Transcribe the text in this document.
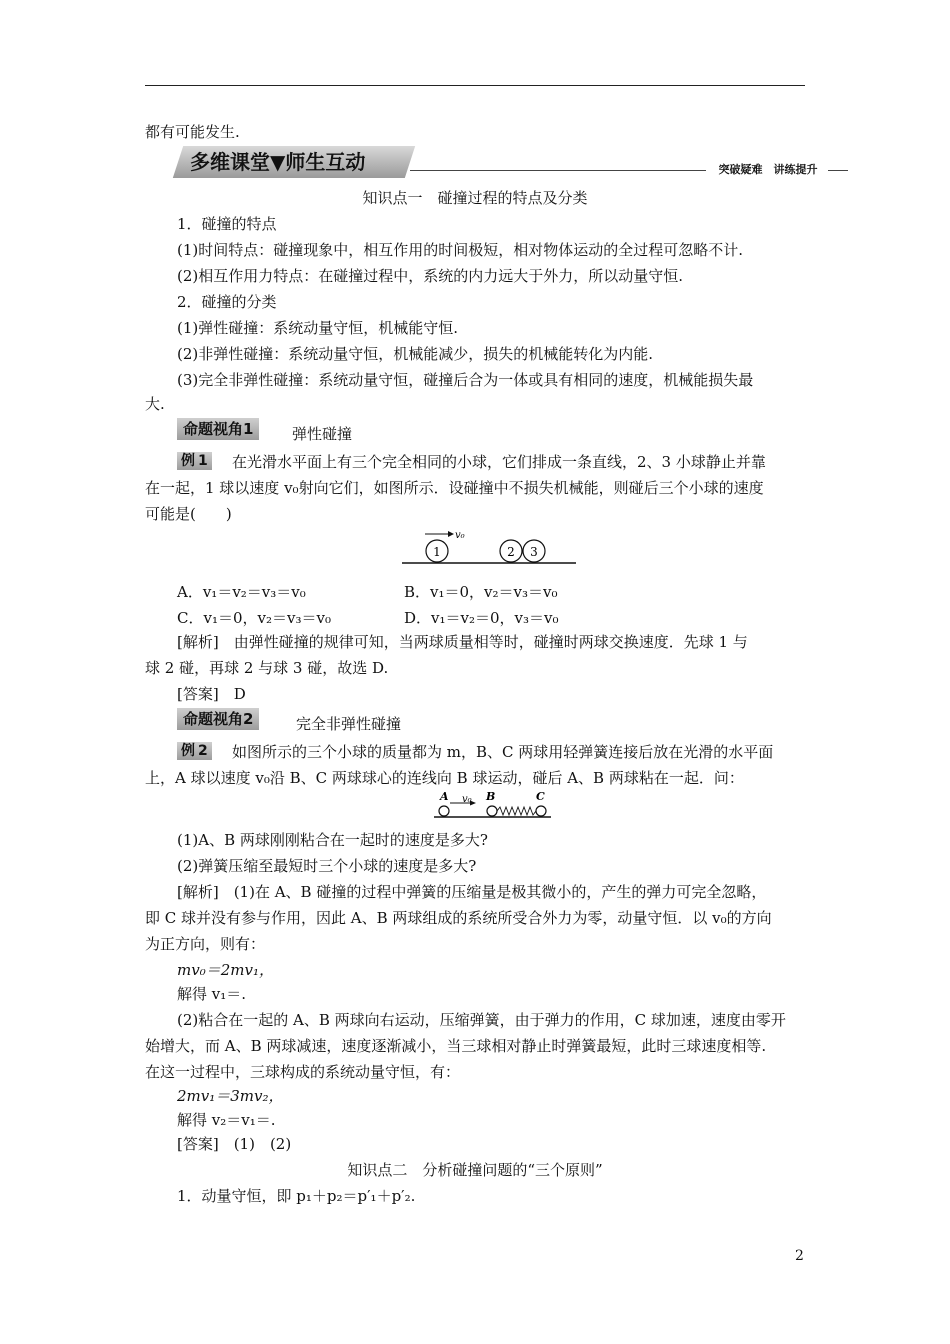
都有可能发生.
多维课堂▼师生互动	突破疑难　讲练提升
知识点一　碰撞过程的特点及分类
1．碰撞的特点
(1)时间特点：碰撞现象中，相互作用的时间极短，相对物体运动的全过程可忽略不计.
(2)相互作用力特点：在碰撞过程中，系统的内力远大于外力，所以动量守恒.
2．碰撞的分类
(1)弹性碰撞：系统动量守恒，机械能守恒.
(2)非弹性碰撞：系统动量守恒，机械能减少，损失的机械能转化为内能.
(3)完全非弹性碰撞：系统动量守恒，碰撞后合为一体或具有相同的速度，机械能损失最
大.
命题视角1	弹性碰撞
例 1 在光滑水平面上有三个完全相同的小球，它们排成一条直线，2、3 小球静止并靠
在一起，1 球以速度 v₀射向它们，如图所示．设碰撞中不损失机械能，则碰后三个小球的速度
可能是(　　)
v₀
1	2 3
A．v₁＝v₂＝v₃＝v₀	B．v₁＝0，v₂＝v₃＝v₀
C．v₁＝0，v₂＝v₃＝v₀	D．v₁＝v₂＝0，v₃＝v₀
[解析]　由弹性碰撞的规律可知，当两球质量相等时，碰撞时两球交换速度．先球 1 与
球 2 碰，再球 2 与球 3 碰，故选 D.
[答案]　D
命题视角2	完全非弹性碰撞
例 2 如图所示的三个小球的质量都为 m，B、C 两球用轻弹簧连接后放在光滑的水平面
上，A 球以速度 v₀沿 B、C 两球球心的连线向 B 球运动，碰后 A、B 两球粘在一起．问：
A v₀ B	C
(1)A、B 两球刚刚粘合在一起时的速度是多大?
(2)弹簧压缩至最短时三个小球的速度是多大?
[解析]　(1)在 A、B 碰撞的过程中弹簧的压缩量是极其微小的，产生的弹力可完全忽略，
即 C 球并没有参与作用，因此 A、B 两球组成的系统所受合外力为零，动量守恒．以 v₀的方向
为正方向，则有：
mv₀＝2mv₁，
解得 v₁＝.
(2)粘合在一起的 A、B 两球向右运动，压缩弹簧，由于弹力的作用，C 球加速，速度由零开
始增大，而 A、B 两球减速，速度逐渐减小，当三球相对静止时弹簧最短，此时三球速度相等.
在这一过程中，三球构成的系统动量守恒，有：
2mv₁＝3mv₂，
解得 v₂＝v₁＝.
[答案]　(1)　(2)
知识点二　分析碰撞问题的“三个原则”
1．动量守恒，即 p₁＋p₂＝p′₁＋p′₂.
2
